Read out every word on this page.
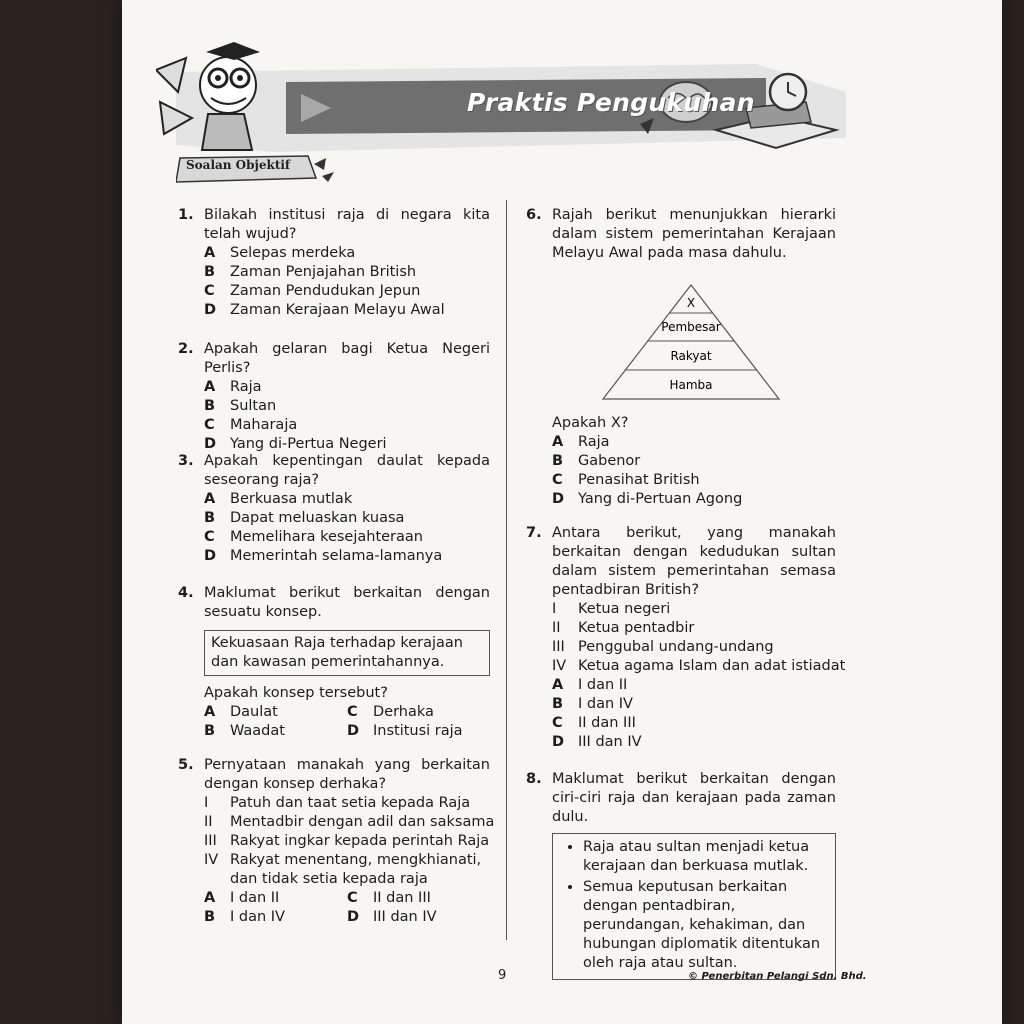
Praktis Pengukuhan
Soalan Objektif
1. Bilakah institusi raja di negara kita telah wujud?
A Selepas merdeka
B Zaman Penjajahan British
C Zaman Pendudukan Jepun
D Zaman Kerajaan Melayu Awal
2. Apakah gelaran bagi Ketua Negeri Perlis?
A Raja
B Sultan
C Maharaja
D Yang di-Pertua Negeri
3. Apakah kepentingan daulat kepada seseorang raja?
A Berkuasa mutlak
B Dapat meluaskan kuasa
C Memelihara kesejahteraan
D Memerintah selama-lamanya
4. Maklumat berikut berkaitan dengan sesuatu konsep.
Kekuasaan Raja terhadap kerajaan dan kawasan pemerintahannya.
Apakah konsep tersebut?
A Daulat	C Derhaka
B Waadat	D Institusi raja
5. Pernyataan manakah yang berkaitan dengan konsep derhaka?
I Patuh dan taat setia kepada Raja
II Mentadbir dengan adil dan saksama
III Rakyat ingkar kepada perintah Raja
IV Rakyat menentang, mengkhianati,
dan tidak setia kepada raja
A I dan II	C II dan III
B I dan IV	D III dan IV
6. Rajah berikut menunjukkan hierarki dalam sistem pemerintahan Kerajaan Melayu Awal pada masa dahulu.
X
Pembesar
Rakyat
Hamba
Apakah X?
A Raja
B Gabenor
C Penasihat British
D Yang di-Pertuan Agong
7. Antara berikut, yang manakah berkaitan dengan kedudukan sultan dalam sistem pemerintahan semasa pentadbiran British?
I Ketua negeri
II Ketua pentadbir
III Penggubal undang-undang
IV Ketua agama Islam dan adat istiadat
A I dan II
B I dan IV
C II dan III
D III dan IV
8. Maklumat berikut berkaitan dengan ciri-ciri raja dan kerajaan pada zaman dulu.
• Raja atau sultan menjadi ketua kerajaan dan berkuasa mutlak.
• Semua keputusan berkaitan dengan pentadbiran, perundangan, kehakiman, dan hubungan diplomatik ditentukan oleh raja atau sultan.
9	© Penerbitan Pelangi Sdn. Bhd.
